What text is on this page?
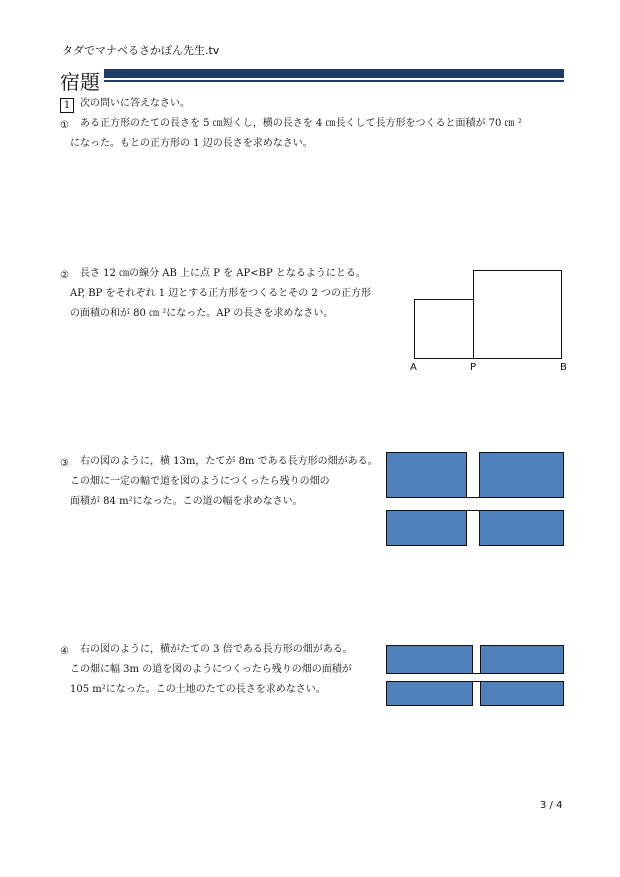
タダでマナベるさかぽん先生.tv
宿題
1 次の問いに答えなさい。
① ある正方形のたての長さを 5 ㎝短くし，横の長さを 4 ㎝長くして長方形をつくると面積が 70 ㎝ ²
になった。もとの正方形の 1 辺の長さを求めなさい。
② 長さ 12 ㎝の線分 AB 上に点 P を AP<BP となるようにとる。
AP, BP をそれぞれ 1 辺とする正方形をつくるとその 2 つの正方形
の面積の和が 80 ㎝ ²になった。AP の長さを求めなさい。
A	P	B
③ 右の図のように，横 13m，たてが 8m である長方形の畑がある。
この畑に一定の幅で道を図のようにつくったら残りの畑の
面積が 84 m²になった。この道の幅を求めなさい。
④ 右の図のように，横がたての 3 倍である長方形の畑がある。
この畑に幅 3m の道を図のようにつくったら残りの畑の面積が
105 m²になった。この土地のたての長さを求めなさい。
3 / 4
